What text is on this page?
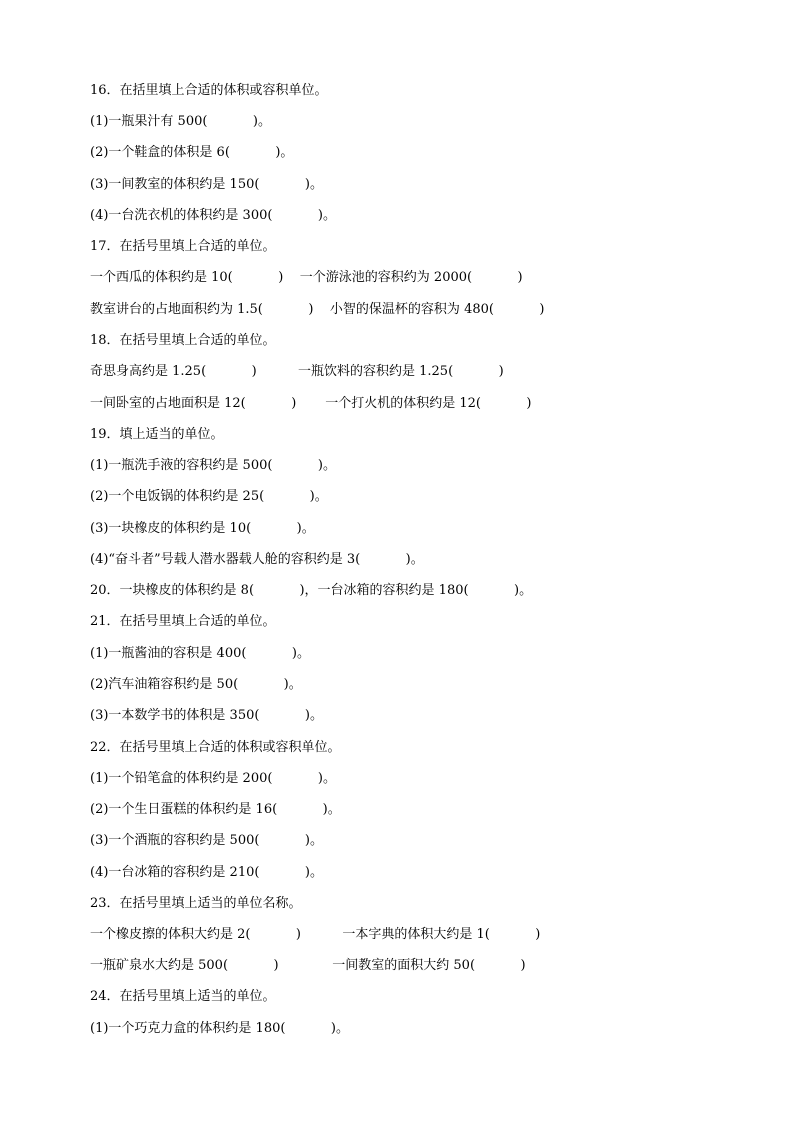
16．在括里填上合适的体积或容积单位。
(1)一瓶果汁有 500(           )。
(2)一个鞋盒的体积是 6(           )。
(3)一间教室的体积约是 150(           )。
(4)一台洗衣机的体积约是 300(           )。
17．在括号里填上合适的单位。
一个西瓜的体积约是 10(           )    一个游泳池的容积约为 2000(           )
教室讲台的占地面积约为 1.5(           )    小智的保温杯的容积为 480(           )
18．在括号里填上合适的单位。
奇思身高约是 1.25(           )          一瓶饮料的容积约是 1.25(           )
一间卧室的占地面积是 12(           )       一个打火机的体积约是 12(           )
19．填上适当的单位。
(1)一瓶洗手液的容积约是 500(           )。
(2)一个电饭锅的体积约是 25(           )。
(3)一块橡皮的体积约是 10(           )。
(4)“奋斗者”号载人潜水器载人舱的容积约是 3(           )。
20．一块橡皮的体积约是 8(           )，一台冰箱的容积约是 180(           )。
21．在括号里填上合适的单位。
(1)一瓶酱油的容积是 400(           )。
(2)汽车油箱容积约是 50(           )。
(3)一本数学书的体积是 350(           )。
22．在括号里填上合适的体积或容积单位。
(1)一个铅笔盒的体积约是 200(           )。
(2)一个生日蛋糕的体积约是 16(           )。
(3)一个酒瓶的容积约是 500(           )。
(4)一台冰箱的容积约是 210(           )。
23．在括号里填上适当的单位名称。
一个橡皮擦的体积大约是 2(           )          一本字典的体积大约是 1(           )
一瓶矿泉水大约是 500(           )             一间教室的面积大约 50(           )
24．在括号里填上适当的单位。
(1)一个巧克力盒的体积约是 180(           )。
